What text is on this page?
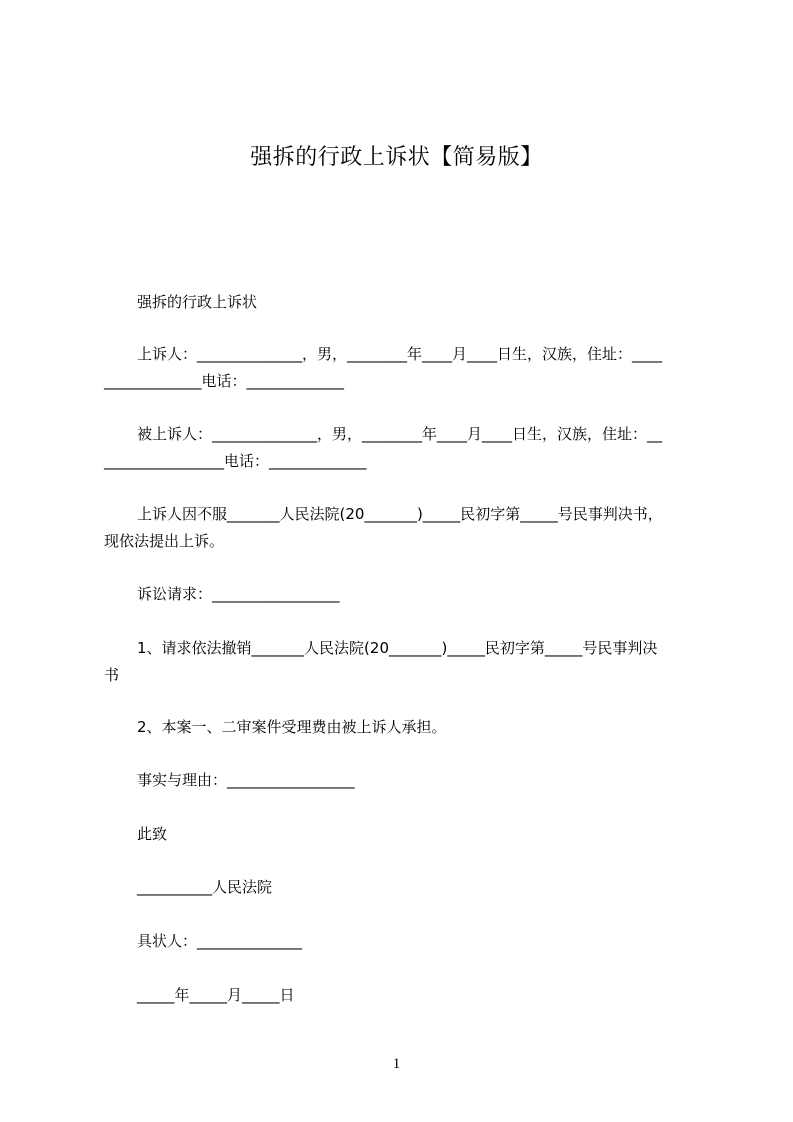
强拆的行政上诉状【简易版】
强拆的行政上诉状
上诉人：______________，男，________年____月____日生，汉族，住址：____
_____________电话：_____________
被上诉人：______________，男，________年____月____日生，汉族，住址：__
________________电话：_____________
上诉人因不服_______人民法院(20_______)_____民初字第_____号民事判决书，
现依法提出上诉。
诉讼请求：_________________
1、请求依法撤销_______人民法院(20_______)_____民初字第_____号民事判决
书
2、本案一、二审案件受理费由被上诉人承担。
事实与理由：_________________
此致
__________人民法院
具状人：______________
_____年_____月_____日
1
